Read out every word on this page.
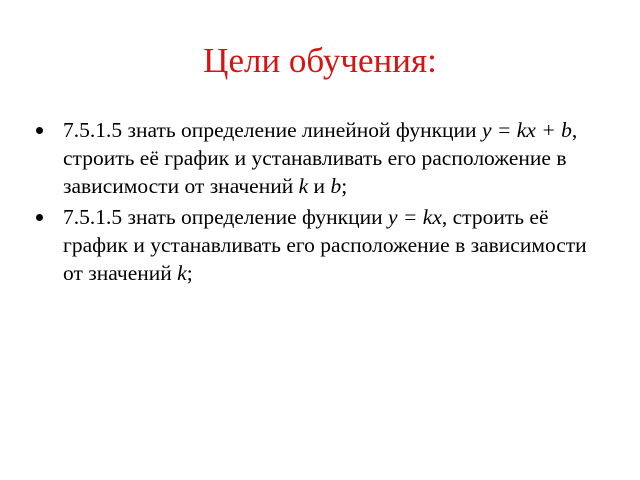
Цели обучения:
7.5.1.5 знать определение линейной функции y = kx + b, строить её график и устанавливать его расположение в зависимости от значений k и b;
7.5.1.5 знать определение функции y = kx, строить её график и устанавливать его расположение в зависимости от значений k;
